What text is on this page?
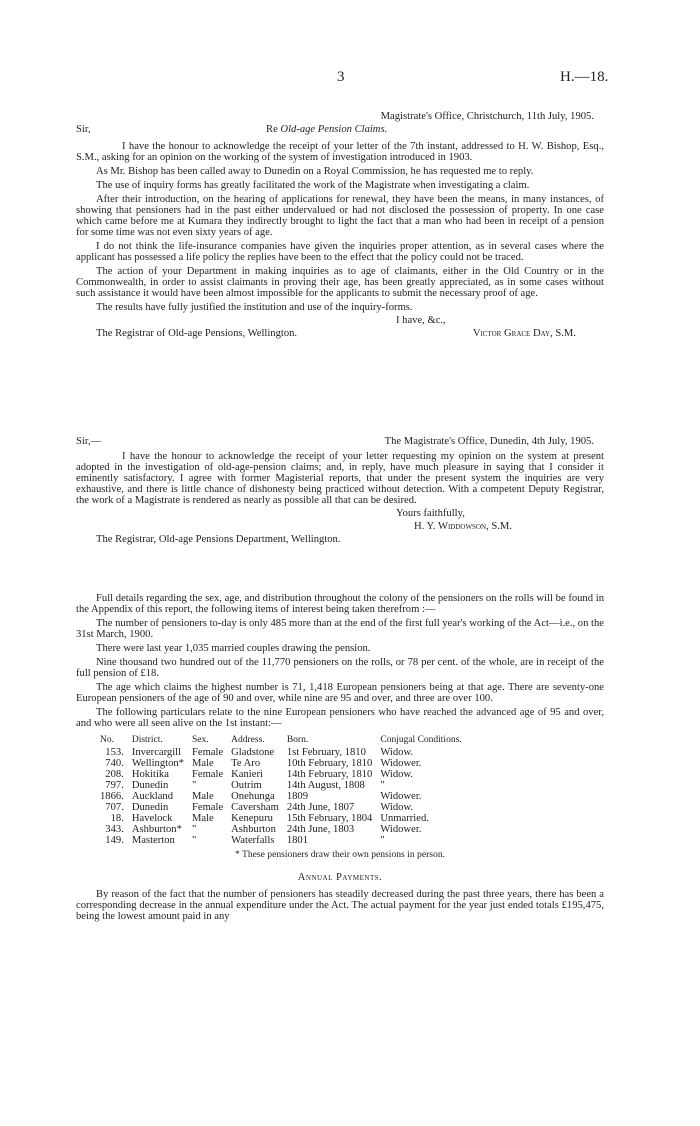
3	H.—18.
Magistrate's Office, Christchurch, 11th July, 1905.
Sir,	Re Old-age Pension Claims.

I have the honour to acknowledge the receipt of your letter of the 7th instant, addressed to H. W. Bishop, Esq., S.M., asking for an opinion on the working of the system of investigation introduced in 1903.

As Mr. Bishop has been called away to Dunedin on a Royal Commission, he has requested me to reply.

The use of inquiry forms has greatly facilitated the work of the Magistrate when investigating a claim.

After their introduction, on the hearing of applications for renewal, they have been the means, in many instances, of showing that pensioners had in the past either undervalued or had not disclosed the possession of property. In one case which came before me at Kumara they indirectly brought to light the fact that a man who had been in receipt of a pension for some time was not even sixty years of age.

I do not think the life-insurance companies have given the inquiries proper attention, as in several cases where the applicant has possessed a life policy the replies have been to the effect that the policy could not be traced.

The action of your Department in making inquiries as to age of claimants, either in the Old Country or in the Commonwealth, in order to assist claimants in proving their age, has been greatly appreciated, as in some cases without such assistance it would have been almost impossible for the applicants to submit the necessary proof of age.

The results have fully justified the institution and use of the inquiry-forms.

I have, &c.,
The Registrar of Old-age Pensions, Wellington.	Victor Grace Day, S.M.
Sir,—	The Magistrate's Office, Dunedin, 4th July, 1905.

I have the honour to acknowledge the receipt of your letter requesting my opinion on the system at present adopted in the investigation of old-age-pension claims; and, in reply, have much pleasure in saying that I consider it eminently satisfactory. I agree with former Magisterial reports, that under the present system the inquiries are very exhaustive, and there is little chance of dishonesty being practiced without detection. With a competent Deputy Registrar, the work of a Magistrate is rendered as nearly as possible all that can be desired.

Yours faithfully,
H. Y. Widdowson, S.M.
The Registrar, Old-age Pensions Department, Wellington.

Full details regarding the sex, age, and distribution throughout the colony of the pensioners on the rolls will be found in the Appendix of this report, the following items of interest being taken therefrom :—

The number of pensioners to-day is only 485 more than at the end of the first full year's working of the Act—i.e., on the 31st March, 1900.

There were last year 1,035 married couples drawing the pension.

Nine thousand two hundred out of the 11,770 pensioners on the rolls, or 78 per cent. of the whole, are in receipt of the full pension of £18.

The age which claims the highest number is 71, 1,418 European pensioners being at that age. There are seventy-one European pensioners of the age of 90 and over, while nine are 95 and over, and three are over 100.

The following particulars relate to the nine European pensioners who have reached the advanced age of 95 and over, and who were all seen alive on the 1st instant:—

No.	District.	Sex.	Address.	Born.	Conjugal Conditions.
153.	Invercargill	Female	Gladstone	1st February, 1810	Widow.
740.	Wellington*	Male	Te Aro	10th February, 1810	Widower.
208.	Hokitika	Female	Kanieri	14th February, 1810	Widow.
797.	Dunedin	"	Outrim	14th August, 1808	"
1866.	Auckland	Male	Onehunga	1809	Widower.
707.	Dunedin	Female	Caversham	24th June, 1807	Widow.
18.	Havelock	Male	Kenepuru	15th February, 1804	Unmarried.
343.	Ashburton*	"	Ashburton	24th June, 1803	Widower.
149.	Masterton	"	Waterfalls	1801	"
* These pensioners draw their own pensions in person.
Annual Payments.

By reason of the fact that the number of pensioners has steadily decreased during the past three years, there has been a corresponding decrease in the annual expenditure under the Act. The actual payment for the year just ended totals £195,475, being the lowest amount paid in any
